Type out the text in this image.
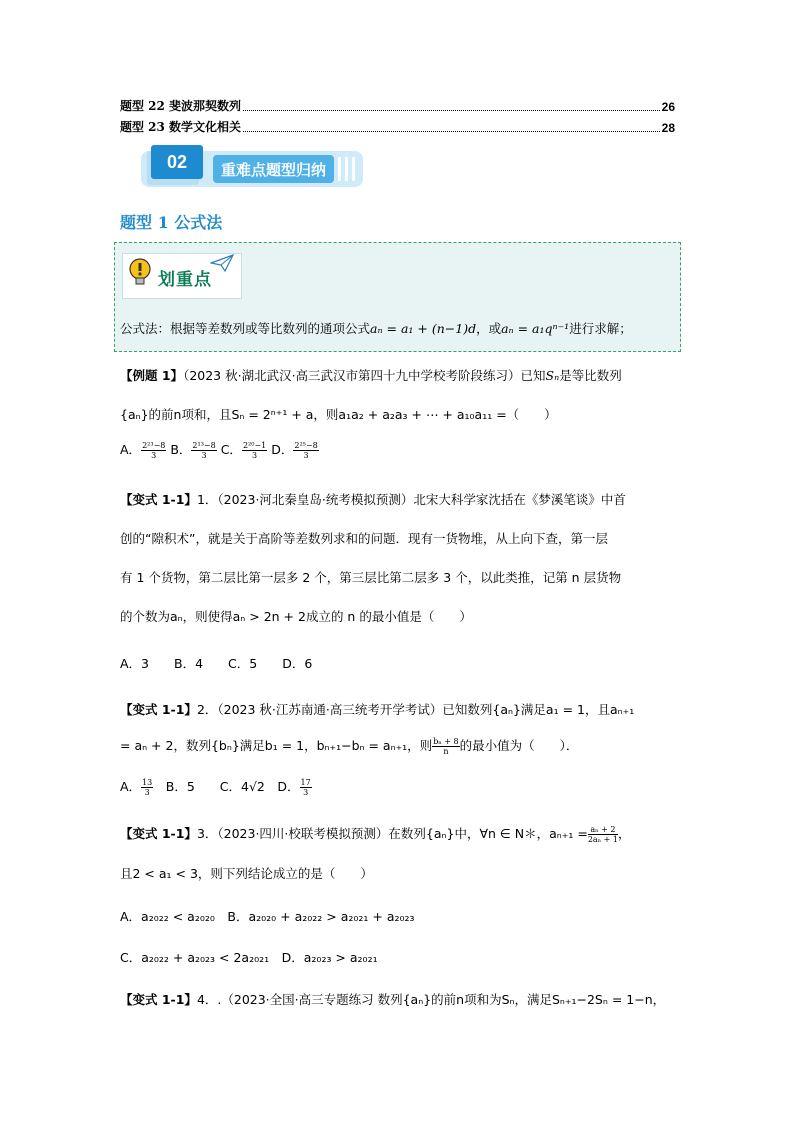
题型 22 斐波那契数列	26
题型 23 数学文化相关	28
02	重难点题型归纳
题型 1 公式法
划重点
公式法：根据等差数列或等比数列的通项公式aₙ = a₁ + (n−1)d，或aₙ = a₁qⁿ⁻¹进行求解；
【例题 1】（2023 秋·湖北武汉·高三武汉市第四十九中学校考阶段练习）已知Sₙ是等比数列
{aₙ}的前n项和，且Sₙ = 2ⁿ⁺¹ + a，则a₁a₂ + a₂a₃ + ⋯ + a₁₀a₁₁ =（　　）
A． $\frac{\text{2²³−8}}{3}$ B． $\frac{\text{2¹³−8}}{3}$ C． $\frac{\text{2²⁰−1}}{3}$ D． $\frac{\text{2²⁵−8}}{3}$
【变式 1-1】1．（2023·河北秦皇岛·统考模拟预测）北宋大科学家沈括在《梦溪笔谈》中首
创的“隙积术”，就是关于高阶等差数列求和的问题．现有一货物堆，从上向下查，第一层
有 1 个货物，第二层比第一层多 2 个，第三层比第二层多 3 个，以此类推，记第 n 层货物
的个数为aₙ，则使得aₙ > 2n + 2成立的 n 的最小值是（　　）
A．3　　B．4　　C．5　　D．6
【变式 1-1】2．（2023 秋·江苏南通·高三统考开学考试）已知数列{aₙ}满足a₁ = 1，且aₙ₊₁
= aₙ + 2，数列{bₙ}满足b₁ = 1，bₙ₊₁−bₙ = aₙ₊₁，则 $\frac{\text{bₙ + 8}}{n}$ 的最小值为（　　）．
A． $\frac{13}{3}$ 　B．5　　C．4√2　D． $\frac{17}{3}$
【变式 1-1】3．（2023·四川·校联考模拟预测）在数列{aₙ}中，∀n ∈ N＊，$a_{n+1} = \frac{\text{aₙ + 2}}{\text{2aₙ + 1}}$ ，
且2 < a₁ < 3，则下列结论成立的是（　　）
A．a₂₀₂₂ < a₂₀₂₀　B．a₂₀₂₀ + a₂₀₂₂ > a₂₀₂₁ + a₂₀₂₃
C．a₂₀₂₂ + a₂₀₂₃ < 2a₂₀₂₁　D．a₂₀₂₃ > a₂₀₂₁
【变式 1-1】4．.（2023·全国·高三专题练习 数列{aₙ}的前n项和为Sₙ，满足Sₙ₊₁−2Sₙ = 1−n，
